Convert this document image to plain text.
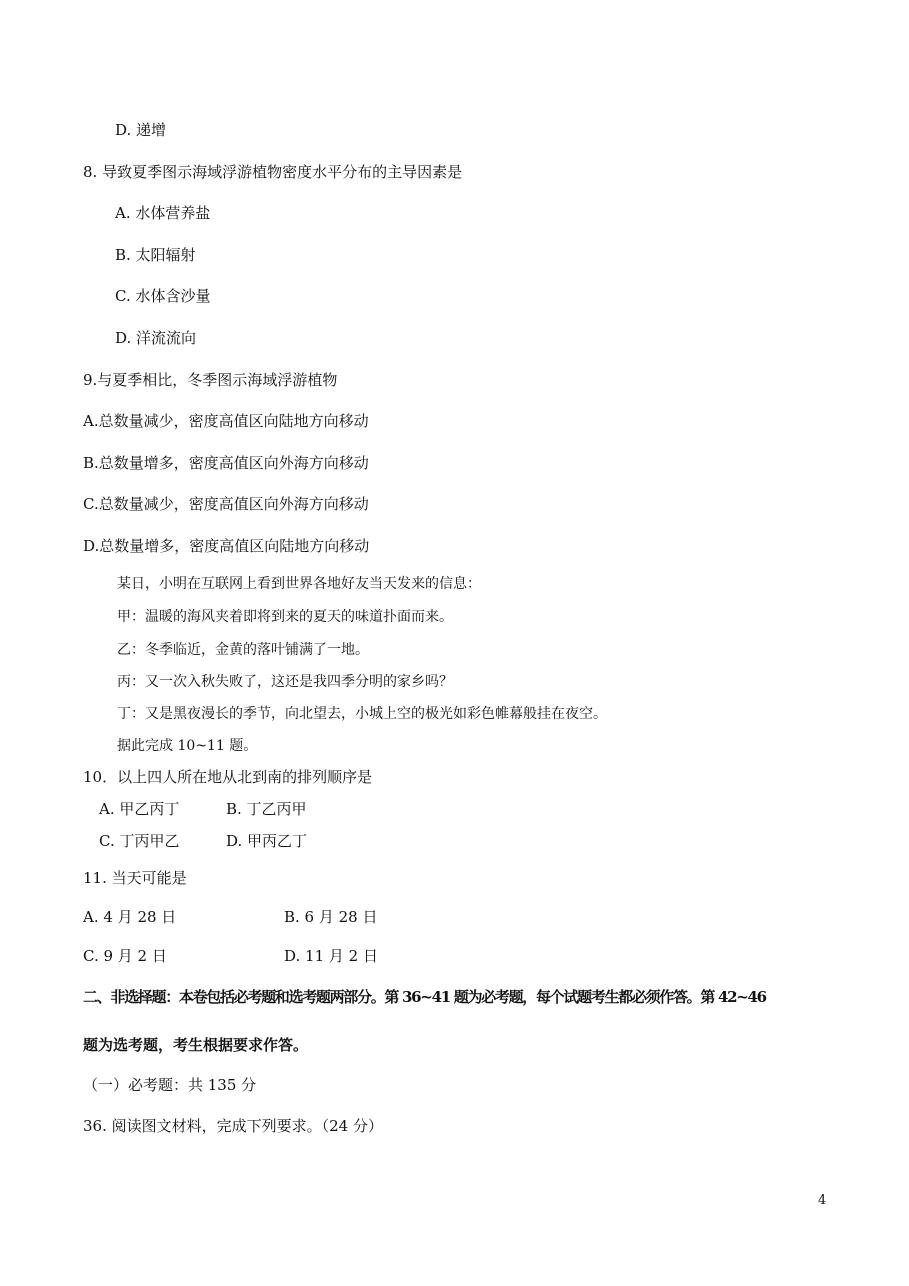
D. 递增
8. 导致夏季图示海域浮游植物密度水平分布的主导因素是
A. 水体营养盐
B. 太阳辐射
C. 水体含沙量
D. 洋流流向
9.与夏季相比，冬季图示海域浮游植物
A.总数量减少，密度高值区向陆地方向移动
B.总数量增多，密度高值区向外海方向移动
C.总数量减少，密度高值区向外海方向移动
D.总数量增多，密度高值区向陆地方向移动
某日，小明在互联网上看到世界各地好友当天发来的信息：
甲：温暖的海风夹着即将到来的夏天的味道扑面而来。
乙：冬季临近，金黄的落叶铺满了一地。
丙：又一次入秋失败了，这还是我四季分明的家乡吗？
丁：又是黑夜漫长的季节，向北望去，小城上空的极光如彩色帷幕般挂在夜空。
据此完成 10~11 题。
10．以上四人所在地从北到南的排列顺序是
A. 甲乙丙丁	B. 丁乙丙甲
C. 丁丙甲乙	D. 甲丙乙丁
11. 当天可能是
A. 4 月 28 日	B. 6 月 28 日
C. 9 月 2 日	D. 11 月 2 日
二、非选择题：本卷包括必考题和选考题两部分。第 36~41 题为必考题，每个试题考生都必须作答。第 42~46
题为选考题，考生根据要求作答。
（一）必考题：共 135 分
36. 阅读图文材料，完成下列要求。（24 分）
4
